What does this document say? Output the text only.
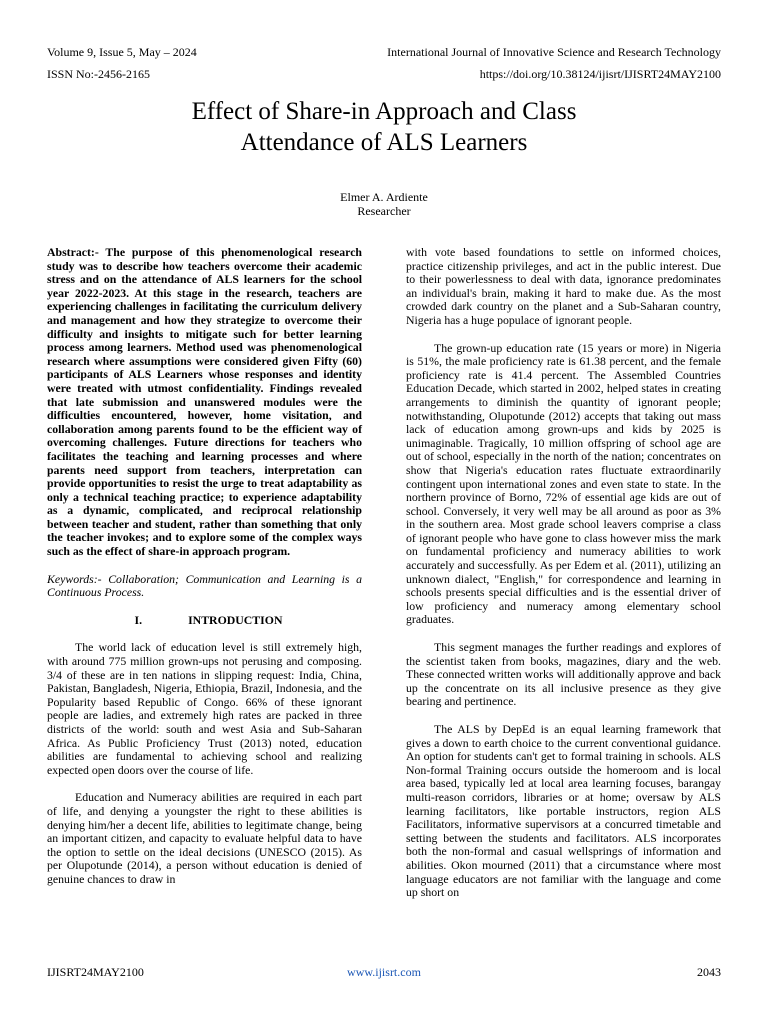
Volume 9, Issue 5, May – 2024	International Journal of Innovative Science and Research Technology
ISSN No:-2456-2165	https://doi.org/10.38124/ijisrt/IJISRT24MAY2100
Effect of Share-in Approach and Class
Attendance of ALS Learners
Elmer A. Ardiente
Researcher

Abstract:- The purpose of this phenomenological research study was to describe how teachers overcome their academic stress and on the attendance of ALS learners for the school year 2022-2023. At this stage in the research, teachers are experiencing challenges in facilitating the curriculum delivery and management and how they strategize to overcome their difficulty and insights to mitigate such for better learning process among learners. Method used was phenomenological research where assumptions were considered given Fifty (60) participants of ALS Learners whose responses and identity were treated with utmost confidentiality. Findings revealed that late submission and unanswered modules were the difficulties encountered, however, home visitation, and collaboration among parents found to be the efficient way of overcoming challenges. Future directions for teachers who facilitates the teaching and learning processes and where parents need support from teachers, interpretation can provide opportunities to resist the urge to treat adaptability as only a technical teaching practice; to experience adaptability as a dynamic, complicated, and reciprocal relationship between teacher and student, rather than something that only the teacher invokes; and to explore some of the complex ways such as the effect of share-in approach program.

Keywords:- Collaboration; Communication and Learning is a Continuous Process.

I.	INTRODUCTION

The world lack of education level is still extremely high, with around 775 million grown-ups not perusing and composing. 3/4 of these are in ten nations in slipping request: India, China, Pakistan, Bangladesh, Nigeria, Ethiopia, Brazil, Indonesia, and the Popularity based Republic of Congo. 66% of these ignorant people are ladies, and extremely high rates are packed in three districts of the world: south and west Asia and Sub-Saharan Africa. As Public Proficiency Trust (2013) noted, education abilities are fundamental to achieving school and realizing expected open doors over the course of life.

Education and Numeracy abilities are required in each part of life, and denying a youngster the right to these abilities is denying him/her a decent life, abilities to legitimate change, being an important citizen, and capacity to evaluate helpful data to have the option to settle on the ideal decisions (UNESCO (2015). As per Olupotunde (2014), a person without education is denied of genuine chances to draw in

with vote based foundations to settle on informed choices, practice citizenship privileges, and act in the public interest. Due to their powerlessness to deal with data, ignorance predominates an individual's brain, making it hard to make due. As the most crowded dark country on the planet and a Sub-Saharan country, Nigeria has a huge populace of ignorant people.

The grown-up education rate (15 years or more) in Nigeria is 51%, the male proficiency rate is 61.38 percent, and the female proficiency rate is 41.4 percent. The Assembled Countries Education Decade, which started in 2002, helped states in creating arrangements to diminish the quantity of ignorant people; notwithstanding, Olupotunde (2012) accepts that taking out mass lack of education among grown-ups and kids by 2025 is unimaginable. Tragically, 10 million offspring of school age are out of school, especially in the north of the nation; concentrates on show that Nigeria's education rates fluctuate extraordinarily contingent upon international zones and even state to state. In the northern province of Borno, 72% of essential age kids are out of school. Conversely, it very well may be all around as poor as 3% in the southern area. Most grade school leavers comprise a class of ignorant people who have gone to class however miss the mark on fundamental proficiency and numeracy abilities to work accurately and successfully. As per Edem et al. (2011), utilizing an unknown dialect, "English," for correspondence and learning in schools presents special difficulties and is the essential driver of low proficiency and numeracy among elementary school graduates.

This segment manages the further readings and explores of the scientist taken from books, magazines, diary and the web. These connected written works will additionally approve and back up the concentrate on its all inclusive presence as they give bearing and pertinence.

The ALS by DepEd is an equal learning framework that gives a down to earth choice to the current conventional guidance. An option for students can't get to formal training in schools. ALS Non-formal Training occurs outside the homeroom and is local area based, typically led at local area learning focuses, barangay multi-reason corridors, libraries or at home; oversaw by ALS learning facilitators, like portable instructors, region ALS Facilitators, informative supervisors at a concurred timetable and setting between the students and facilitators. ALS incorporates both the non-formal and casual wellsprings of information and abilities. Okon mourned (2011) that a circumstance where most language educators are not familiar with the language and come up short on

IJISRT24MAY2100	www.ijisrt.com	2043
